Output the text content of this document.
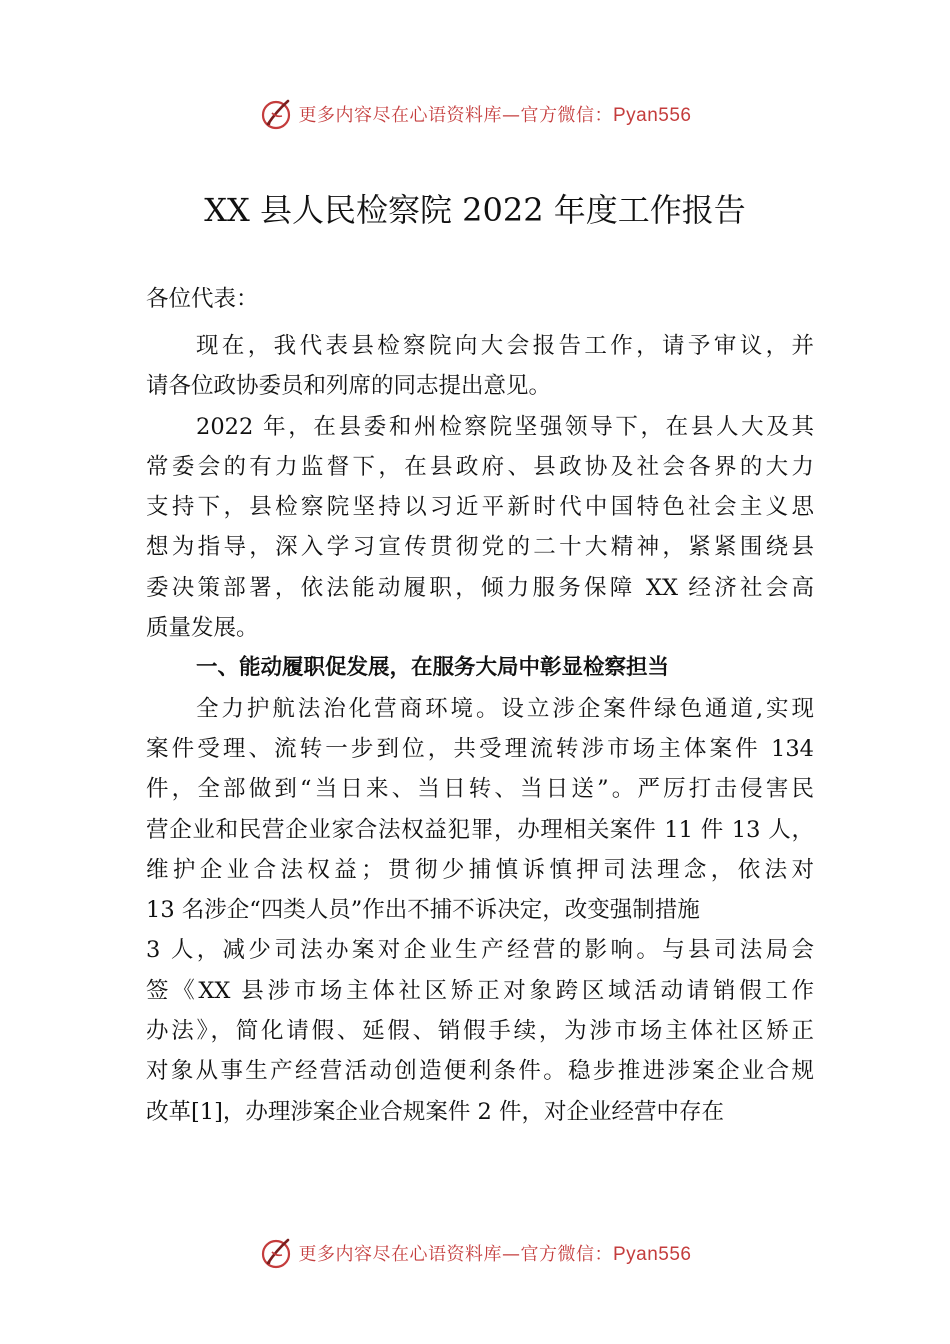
更多内容尽在心语资料库—官方微信：Pyan556
XX 县人民检察院 2022 年度工作报告
各位代表：
现在，我代表县检察院向大会报告工作，请予审议，并
请各位政协委员和列席的同志提出意见。
2022 年，在县委和州检察院坚强领导下，在县人大及其
常委会的有力监督下，在县政府、县政协及社会各界的大力
支持下，县检察院坚持以习近平新时代中国特色社会主义思
想为指导，深入学习宣传贯彻党的二十大精神，紧紧围绕县
委决策部署，依法能动履职，倾力服务保障 XX 经济社会高
质量发展。
一、能动履职促发展，在服务大局中彰显检察担当
全力护航法治化营商环境。设立涉企案件绿色通道,实现
案件受理、流转一步到位，共受理流转涉市场主体案件 134
件，全部做到“当日来、当日转、当日送”。严厉打击侵害民
营企业和民营企业家合法权益犯罪，办理相关案件 11 件 13 人，
维护企业合法权益；贯彻少捕慎诉慎押司法理念，依法对
13 名涉企“四类人员”作出不捕不诉决定，改变强制措施
3 人，减少司法办案对企业生产经营的影响。与县司法局会
签《XX 县涉市场主体社区矫正对象跨区域活动请销假工作
办法》，简化请假、延假、销假手续，为涉市场主体社区矫正
对象从事生产经营活动创造便利条件。稳步推进涉案企业合规
改革[1]，办理涉案企业合规案件 2 件，对企业经营中存在
更多内容尽在心语资料库—官方微信：Pyan556
